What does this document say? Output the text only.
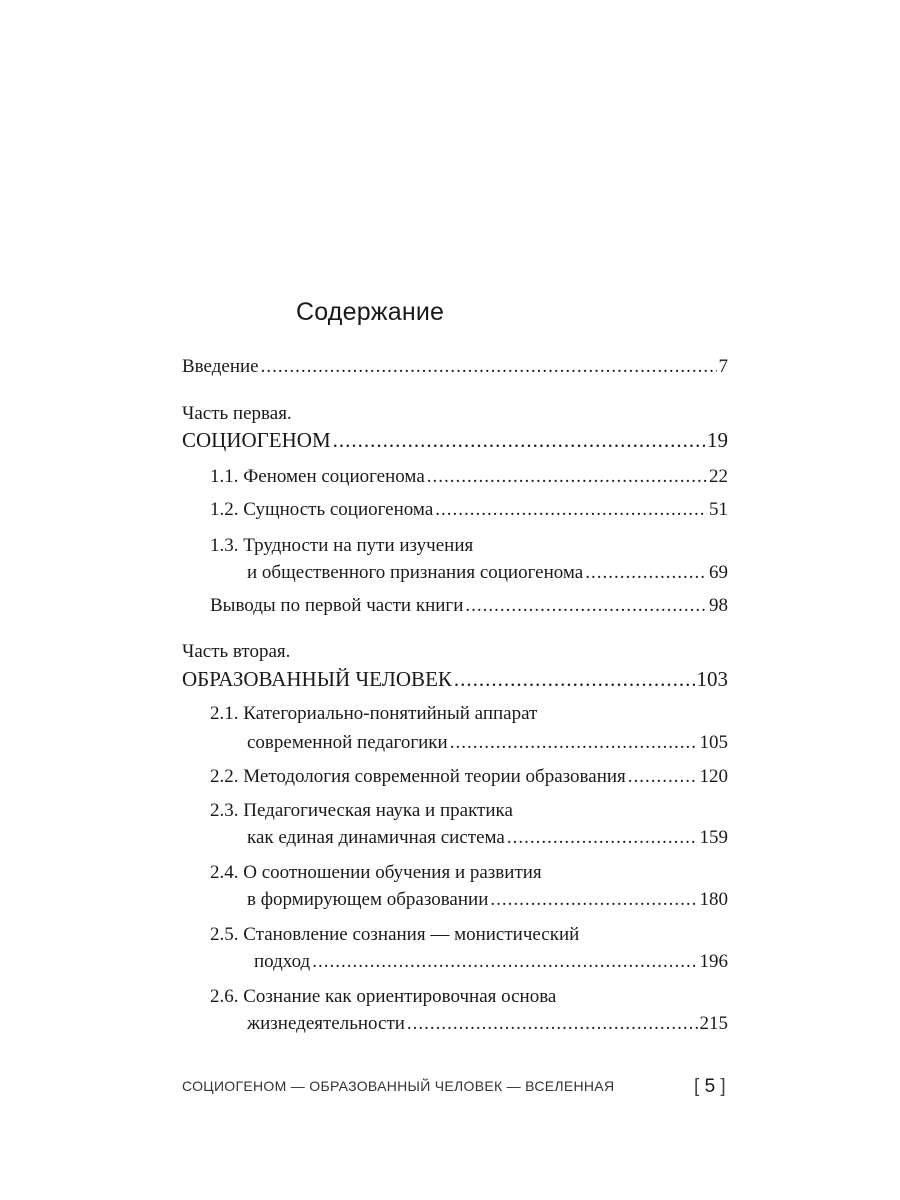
Содержание
Введение .....	7
Часть первая.
СОЦИОГЕНОМ .....	19
1.1. Феномен социогенома .....	22
1.2. Сущность социогенома .....	51
1.3. Трудности на пути изучения
и общественного признания социогенома .....	69
Выводы по первой части книги .....	98
Часть вторая.
ОБРАЗОВАННЫЙ ЧЕЛОВЕК .....	103
2.1. Категориально-понятийный аппарат
современной педагогики .....	105
2.2. Методология современной теории образования .....	120
2.3. Педагогическая наука и практика
как единая динамичная система .....	159
2.4. О соотношении обучения и развития
в формирующем образовании .....	180
2.5. Становление сознания — монистический
подход .....	196
2.6. Сознание как ориентировочная основа
жизнедеятельности .....	215
СОЦИОГЕНОМ — ОБРАЗОВАННЫЙ ЧЕЛОВЕК — ВСЕЛЕННАЯ	[ 5 ]
